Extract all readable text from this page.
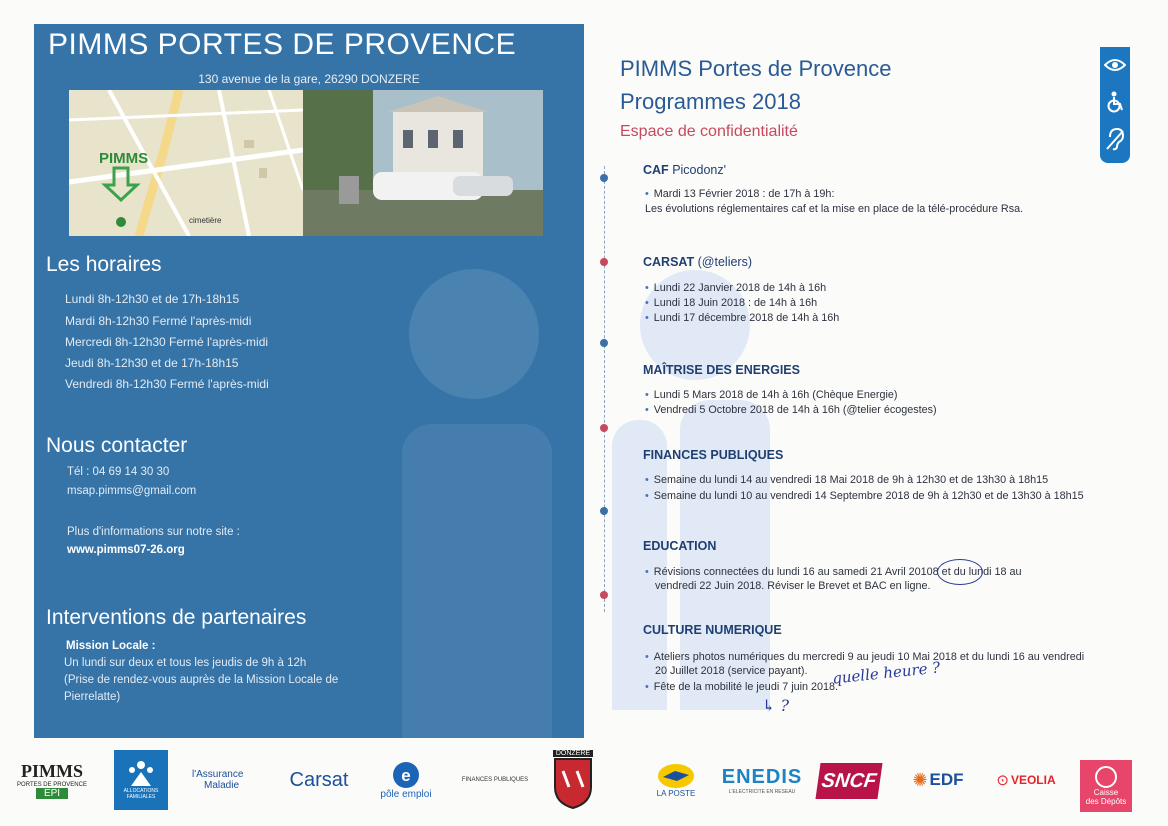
PIMMS PORTES DE PROVENCE
130 avenue de la gare, 26290 DONZERE
PIMMS
cimetière
Les horaires
Lundi 8h-12h30 et de 17h-18h15
Mardi 8h-12h30 Fermé l'après-midi
Mercredi 8h-12h30 Fermé l'après-midi
Jeudi 8h-12h30 et de 17h-18h15
Vendredi 8h-12h30 Fermé l'après-midi
Nous contacter
Tél : 04 69 14 30 30
msap.pimms@gmail.com
Plus d'informations sur notre site :
www.pimms07-26.org
Interventions de partenaires
Mission Locale :
Un lundi sur deux et tous les jeudis de 9h à 12h
(Prise de rendez-vous auprès de la Mission Locale de
Pierrelatte)
PIMMS Portes de Provence
Programmes 2018
Espace de confidentialité
CAF Picodonz'
• Mardi 13 Février 2018 : de 17h à 19h:
Les évolutions réglementaires caf et la mise en place de la télé-procédure Rsa.
CARSAT (@teliers)
• Lundi 22 Janvier 2018 de 14h à 16h
• Lundi 18 Juin 2018 : de 14h à 16h
• Lundi 17 décembre 2018 de 14h à 16h
MAÎTRISE DES ENERGIES
• Lundi 5 Mars 2018 de 14h à 16h (Chèque Energie)
• Vendredi 5 Octobre 2018 de 14h à 16h (@telier écogestes)
FINANCES PUBLIQUES
• Semaine du lundi 14 au vendredi 18 Mai 2018 de 9h à 12h30 et de 13h30 à 18h15
• Semaine du lundi 10 au vendredi 14 Septembre 2018 de 9h à 12h30 et de 13h30 à 18h15
EDUCATION
• Révisions connectées du lundi 16 au samedi 21 Avril 20108 et du lundi 18 au
vendredi 22 Juin 2018. Réviser le Brevet et BAC en ligne.
CULTURE NUMERIQUE
• Ateliers photos numériques du mercredi 9 au jeudi 10 Mai 2018 et du lundi 16 au vendredi
20 Juillet 2018 (service payant).
• Fête de la mobilité le jeudi 7 juin 2018.
quelle heure ?
↳ ?
PIMMS
PORTES DE PROVENCE
EPI	ALLOCATIONS FAMILIALES
l'Assurance
Maladie	Carsat	e
pôle emploi
FINANCES PUBLIQUES
DONZERE
LA POSTE
ENEDIS
L'ELECTRICITE EN RESEAU SNCF ✺ EDF ⊙ VEOLIA
Caisse
des Dépôts
